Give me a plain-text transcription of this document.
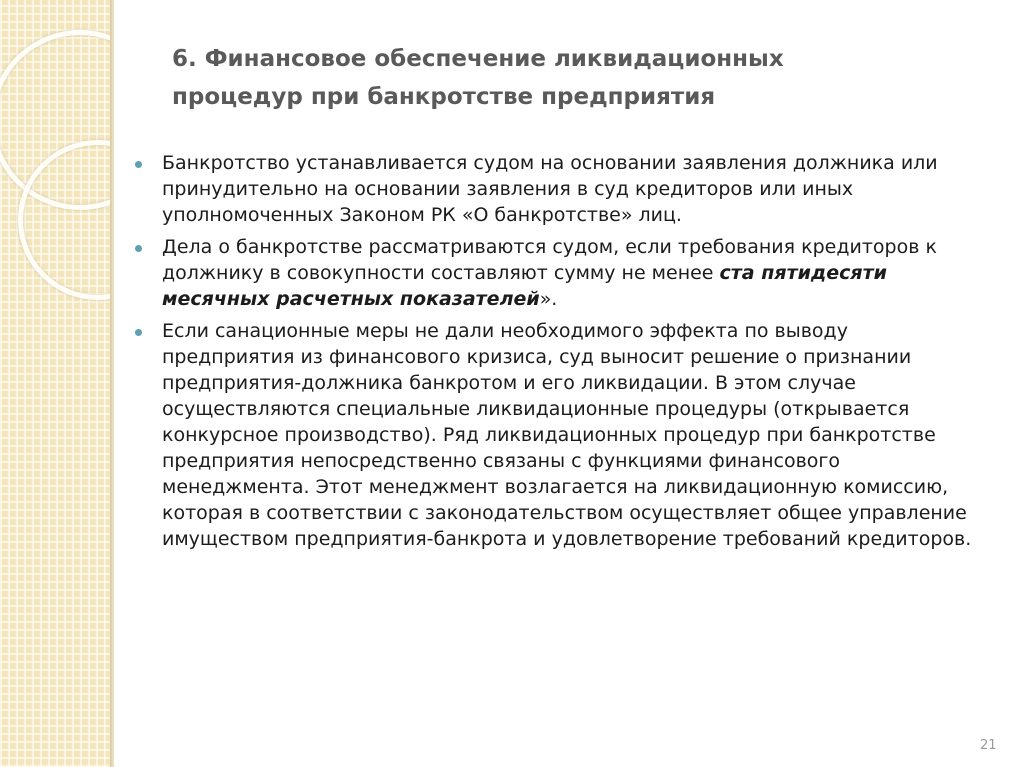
6. Финансовое обеспечение ликвидационных
процедур при банкротстве предприятия
Банкротство устанавливается судом на основании заявления должника или принудительно на основании заявления в суд кредиторов или иных уполномоченных Законом РК «О банкротстве» лиц.
Дела о банкротстве рассматриваются судом, если требования кредиторов к должнику в совокупности составляют сумму не менее ста пятидесяти месячных расчетных показателей».
Если санационные меры не дали необходимого эффекта по выводу предприятия из финансового кризиса, суд выносит решение о признании предприятия-должника банкротом и его ликвидации. В этом случае осуществляются специальные ликвидационные процедуры (открывается конкурсное производство). Ряд ликвидационных процедур при банкротстве предприятия непосредственно связаны с функциями финансового менеджмента. Этот менеджмент возлагается на ликвидационную комиссию, которая в соответствии с законодательством осуществляет общее управление имуществом предприятия-банкрота и удовлетворение требований кредиторов.
21
